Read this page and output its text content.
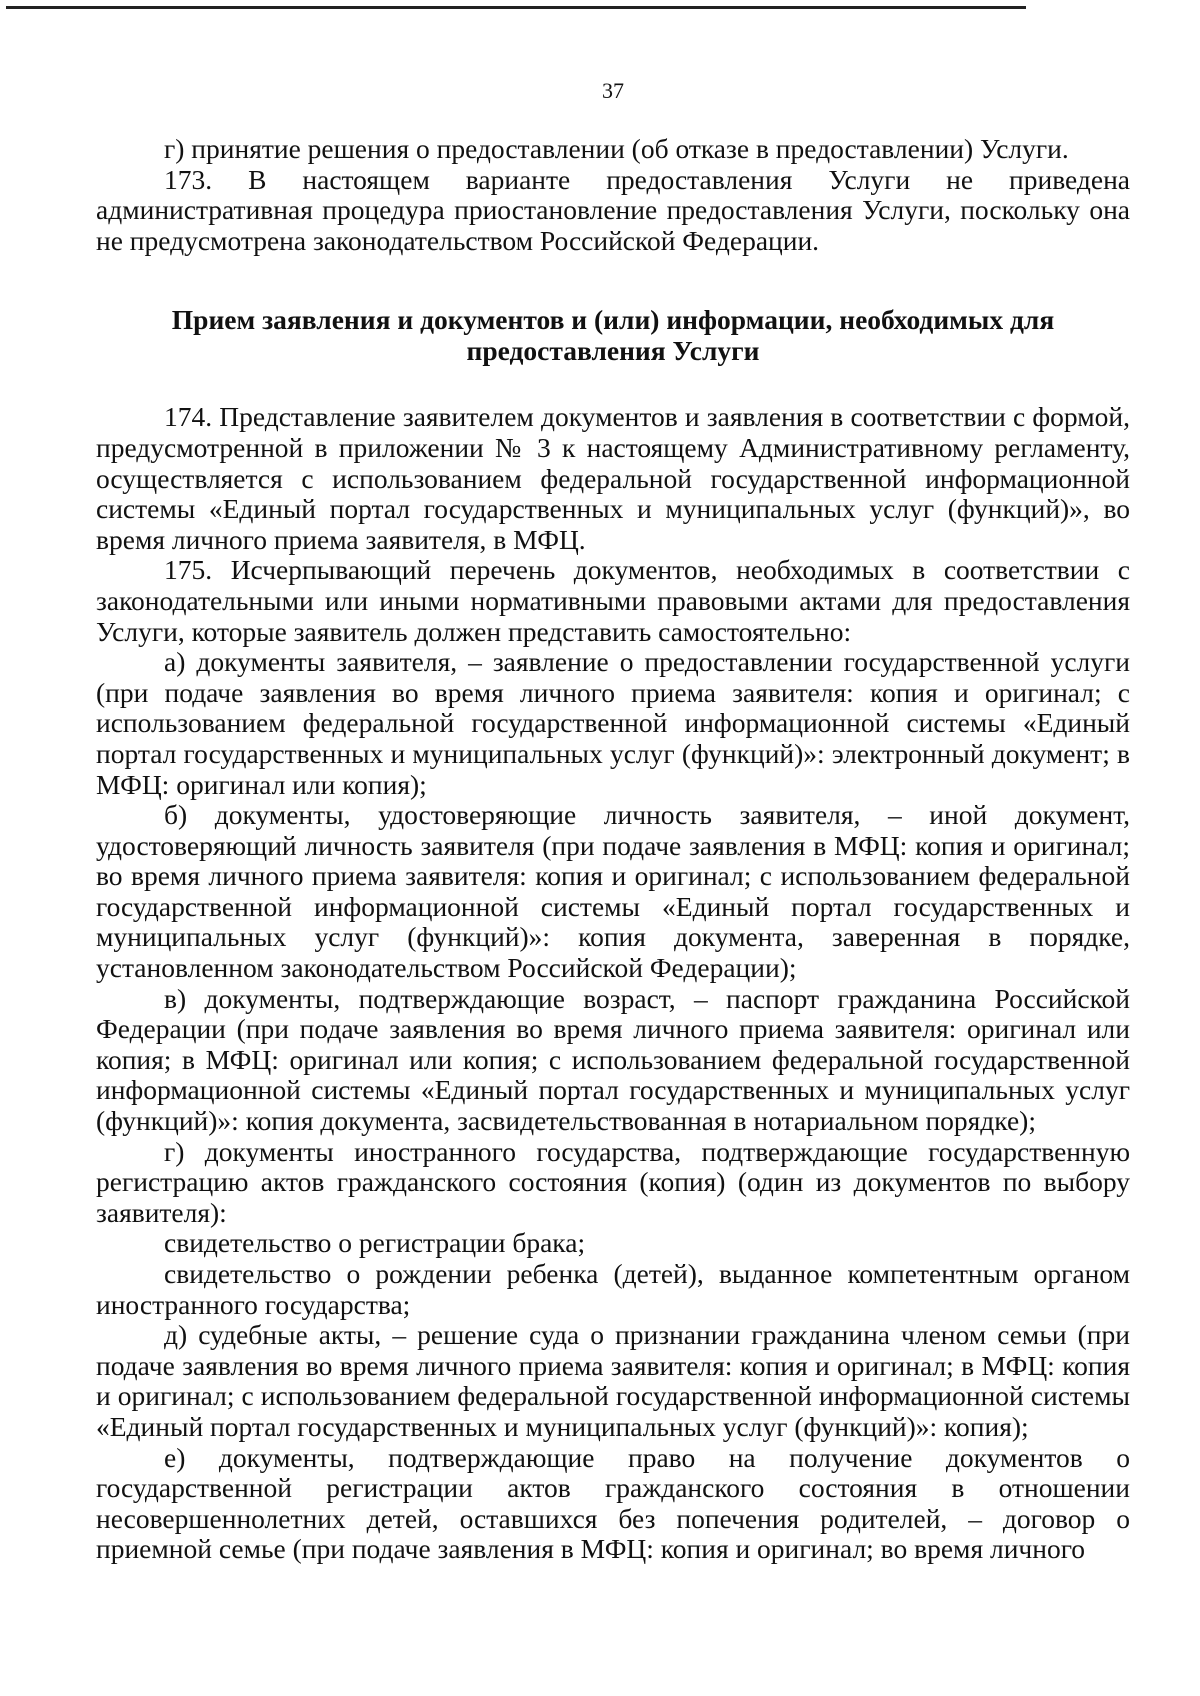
37

г) принятие решения о предоставлении (об отказе в предоставлении) Услуги.

173. В настоящем варианте предоставления Услуги не приведена административная процедура приостановление предоставления Услуги, поскольку она не предусмотрена законодательством Российской Федерации.

Прием заявления и документов и (или) информации, необходимых для
предоставления Услуги

174. Представление заявителем документов и заявления в соответствии с формой, предусмотренной в приложении № 3 к настоящему Административному регламенту, осуществляется с использованием федеральной государственной информационной системы «Единый портал государственных и муниципальных услуг (функций)», во время личного приема заявителя, в МФЦ.

175. Исчерпывающий перечень документов, необходимых в соответствии с законодательными или иными нормативными правовыми актами для предоставления Услуги, которые заявитель должен представить самостоятельно:

а) документы заявителя, – заявление о предоставлении государственной услуги (при подаче заявления во время личного приема заявителя: копия и оригинал; с использованием федеральной государственной информационной системы «Единый портал государственных и муниципальных услуг (функций)»: электронный документ; в МФЦ: оригинал или копия);

б) документы, удостоверяющие личность заявителя, – иной документ, удостоверяющий личность заявителя (при подаче заявления в МФЦ: копия и оригинал; во время личного приема заявителя: копия и оригинал; с использованием федеральной государственной информационной системы «Единый портал государственных и муниципальных услуг (функций)»: копия документа, заверенная в порядке, установленном законодательством Российской Федерации);

в) документы, подтверждающие возраст, – паспорт гражданина Российской Федерации (при подаче заявления во время личного приема заявителя: оригинал или копия; в МФЦ: оригинал или копия; с использованием федеральной государственной информационной системы «Единый портал государственных и муниципальных услуг (функций)»: копия документа, засвидетельствованная в нотариальном порядке);

г) документы иностранного государства, подтверждающие государственную регистрацию актов гражданского состояния (копия) (один из документов по выбору заявителя):

свидетельство о регистрации брака;

свидетельство о рождении ребенка (детей), выданное компетентным органом иностранного государства;

д) судебные акты, – решение суда о признании гражданина членом семьи (при подаче заявления во время личного приема заявителя: копия и оригинал; в МФЦ: копия и оригинал; с использованием федеральной государственной информационной системы «Единый портал государственных и муниципальных услуг (функций)»: копия);

е) документы, подтверждающие право на получение документов о государственной регистрации актов гражданского состояния в отношении несовершеннолетних детей, оставшихся без попечения родителей, – договор о приемной семье (при подаче заявления в МФЦ: копия и оригинал; во время личного
